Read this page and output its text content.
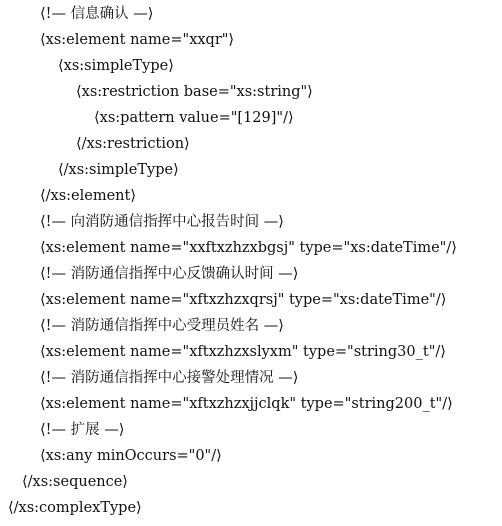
⟨!— 信息确认 —⟩
⟨xs:element name="xxqr"⟩
⟨xs:simpleType⟩
⟨xs:restriction base="xs:string"⟩
⟨xs:pattern value="[129]"/⟩
⟨/xs:restriction⟩
⟨/xs:simpleType⟩
⟨/xs:element⟩
⟨!— 向消防通信指挥中心报告时间 —⟩
⟨xs:element name="xxftxzhzxbgsj" type="xs:dateTime"/⟩
⟨!— 消防通信指挥中心反馈确认时间 —⟩
⟨xs:element name="xftxzhzxqrsj" type="xs:dateTime"/⟩
⟨!— 消防通信指挥中心受理员姓名 —⟩
⟨xs:element name="xftxzhzxslyxm" type="string30_t"/⟩
⟨!— 消防通信指挥中心接警处理情况 —⟩
⟨xs:element name="xftxzhzxjjclqk" type="string200_t"/⟩
⟨!— 扩展 —⟩
⟨xs:any minOccurs="0"/⟩
⟨/xs:sequence⟩
⟨/xs:complexType⟩
